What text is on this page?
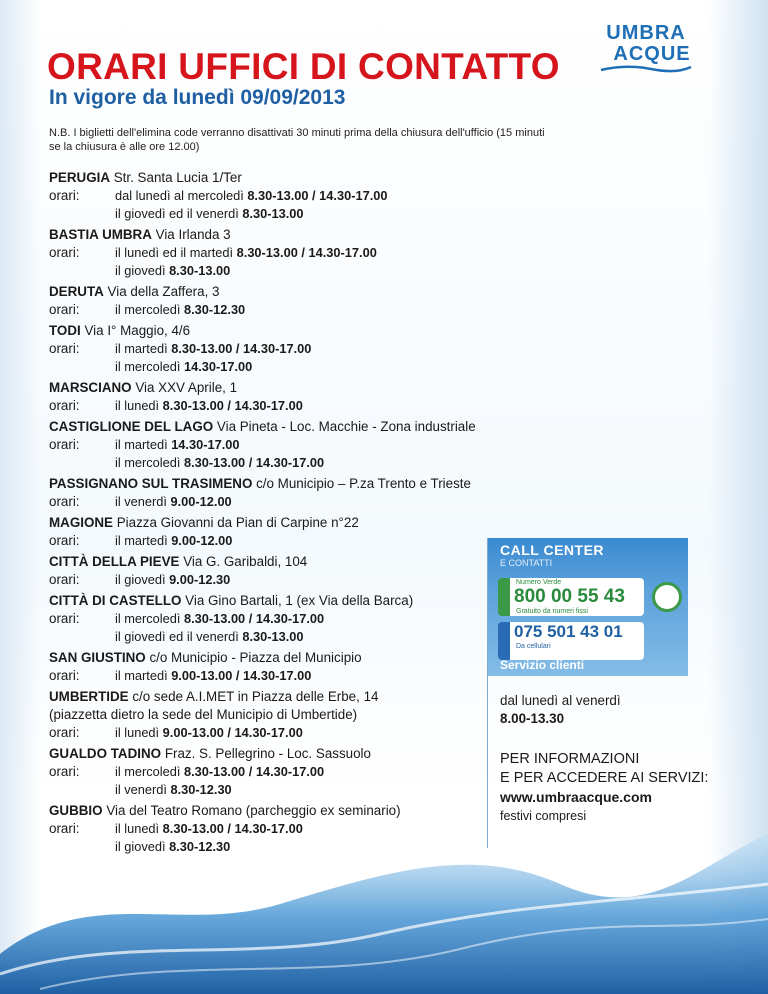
UMBRA
ACQUE
ORARI UFFICI DI CONTATTO
In vigore da lunedì 09/09/2013

N.B. I biglietti dell'elimina code verranno disattivati 30 minuti prima della chiusura dell'ufficio (15 minuti se la chiusura è alle ore 12.00)

PERUGIA Str. Santa Lucia 1/Ter
orari:	dal lunedì al mercoledì 8.30-13.00 / 14.30-17.00
il giovedì ed il venerdì 8.30-13.00
BASTIA UMBRA Via Irlanda 3
orari:	il lunedì ed il martedì 8.30-13.00 / 14.30-17.00
il giovedì 8.30-13.00
DERUTA Via della Zaffera, 3
orari:	il mercoledì 8.30-12.30
TODI Via I° Maggio, 4/6
orari:	il martedì 8.30-13.00 / 14.30-17.00
il mercoledì 14.30-17.00
MARSCIANO Via XXV Aprile, 1
orari:	il lunedì 8.30-13.00 / 14.30-17.00
CASTIGLIONE DEL LAGO Via Pineta - Loc. Macchie - Zona industriale
orari:	il martedì 14.30-17.00
il mercoledì 8.30-13.00 / 14.30-17.00
PASSIGNANO SUL TRASIMENO c/o Municipio – P.za Trento e Trieste
orari:	il venerdì 9.00-12.00
MAGIONE Piazza Giovanni da Pian di Carpine n°22
orari:	il martedì 9.00-12.00
CITTÀ DELLA PIEVE Via G. Garibaldi, 104
orari:	il giovedì 9.00-12.30
CITTÀ DI CASTELLO Via Gino Bartali, 1 (ex Via della Barca)
orari:	il mercoledì 8.30-13.00 / 14.30-17.00
il giovedì ed il venerdì 8.30-13.00
SAN GIUSTINO c/o Municipio - Piazza del Municipio
orari:	il martedì 9.00-13.00 / 14.30-17.00
UMBERTIDE c/o sede A.I.MET in Piazza delle Erbe, 14
(piazzetta dietro la sede del Municipio di Umbertide)
orari:	il lunedì 9.00-13.00 / 14.30-17.00
GUALDO TADINO Fraz. S. Pellegrino - Loc. Sassuolo
orari:	il mercoledì 8.30-13.00 / 14.30-17.00
il venerdì 8.30-12.30
GUBBIO Via del Teatro Romano (parcheggio ex seminario)
orari:	il lunedì 8.30-13.00 / 14.30-17.00
il giovedì 8.30-12.30
CALL CENTER
E CONTATTI
Numero Verde
800 00 55 43
Gratuito da numeri fissi
075 501 43 01
Da cellulari
Servizio clienti
dal lunedì al venerdì
8.00-13.30
PER INFORMAZIONI
E PER ACCEDERE AI SERVIZI:
www.umbraacque.com
festivi compresi
